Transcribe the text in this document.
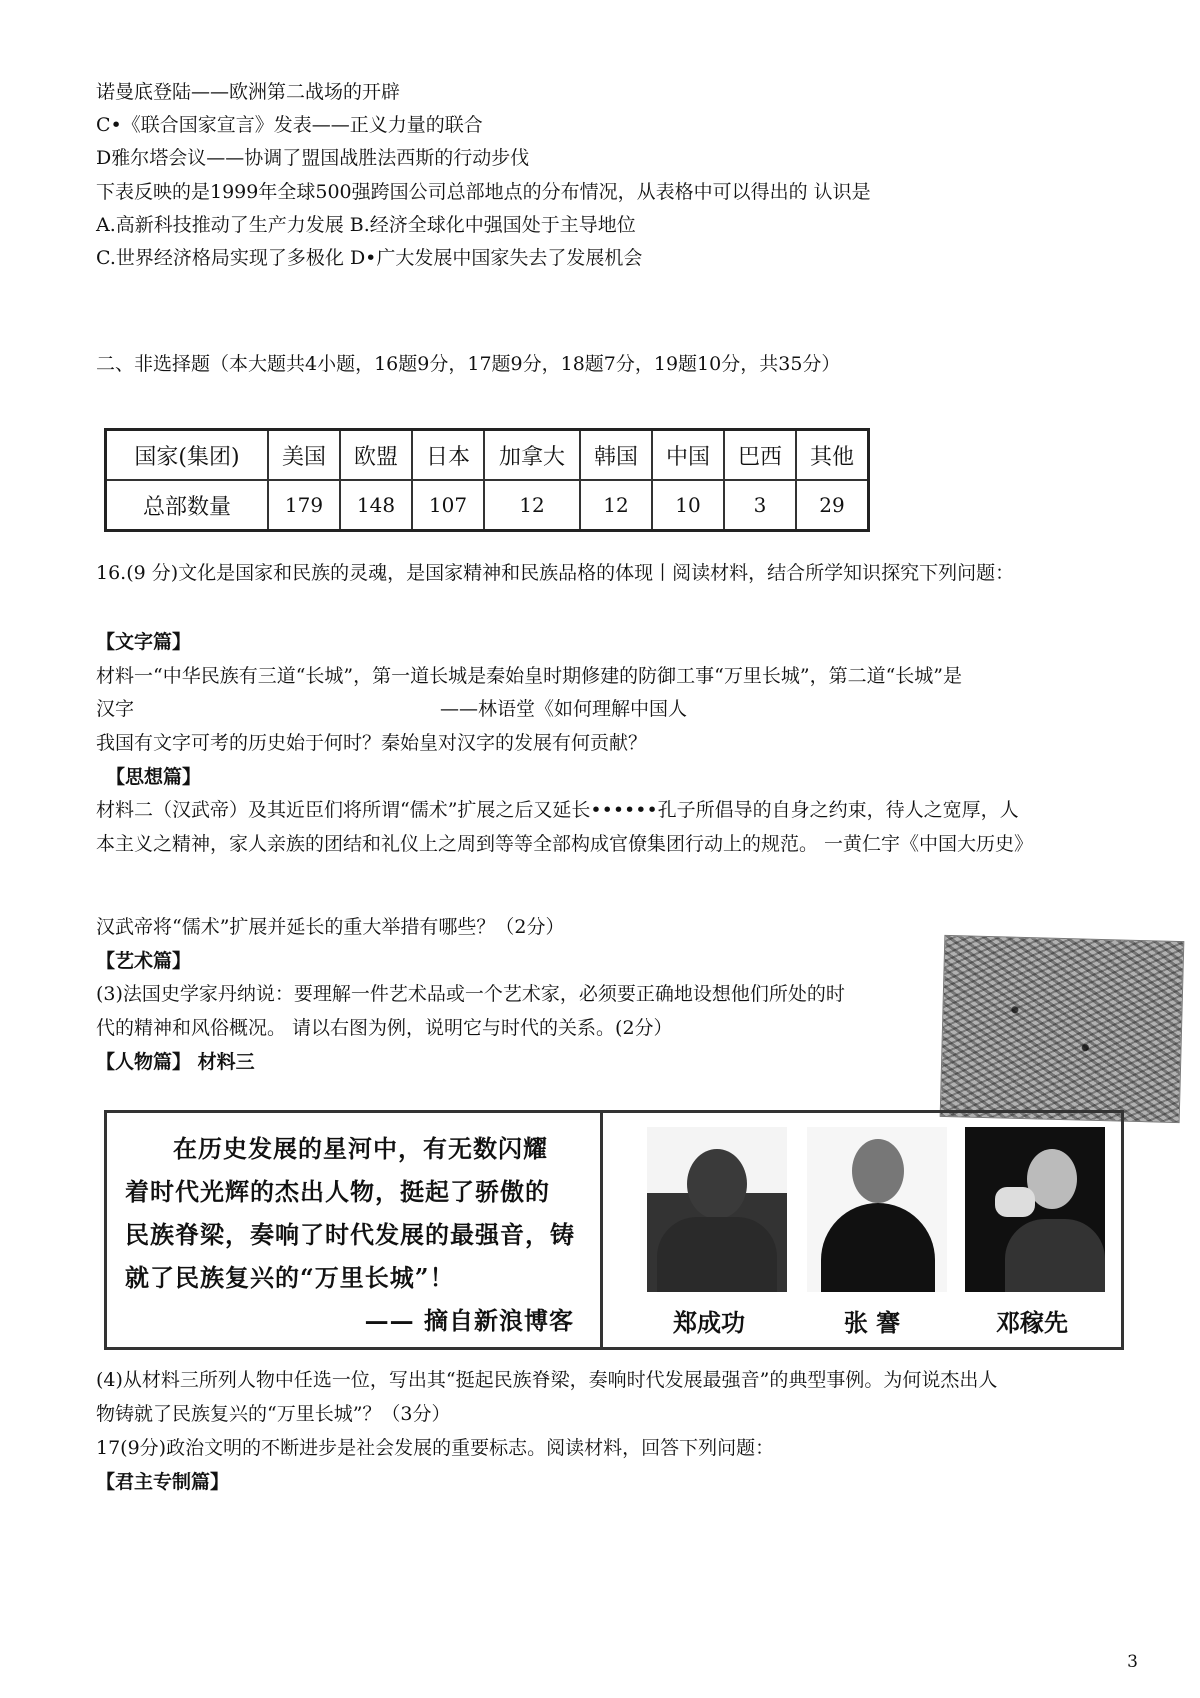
诺曼底登陆——欧洲第二战场的开辟
C•《联合国家宣言》发表——正义力量的联合
D雅尔塔会议——协调了盟国战胜法西斯的行动步伐
下表反映的是1999年全球500强跨国公司总部地点的分布情况，从表格中可以得出的 认识是
A.高新科技推动了生产力发展 B.经济全球化中强国处于主导地位
C.世界经济格局实现了多极化 D•广大发展中国家失去了发展机会
二、非选择题（本大题共4小题，16题9分，17题9分，18题7分，19题10分，共35分）
国家(集团)	美国	欧盟	日本	加拿大	韩国	中国	巴西	其他
总部数量	179	148	107	12	12	10	3	29
16.(9 分)文化是国家和民族的灵魂，是国家精神和民族品格的体现丨阅读材料，结合所学知识探究下列问题：
【文字篇】
材料一“中华民族有三道“长城”，第一道长城是秦始皇时期修建的防御工事“万里长城”，第二道“长城”是
汉字	——林语堂《如何理解中国人
我国有文字可考的历史始于何时？秦始皇对汉字的发展有何贡献？
【思想篇】
材料二（汉武帝）及其近臣们将所谓“儒术”扩展之后又延长••••••孔子所倡导的自身之约束，待人之宽厚，人
本主义之精神，家人亲族的团结和礼仪上之周到等等全部构成官僚集团行动上的规范。 一黄仁宇《中国大历史》
汉武帝将“儒术”扩展并延长的重大举措有哪些？（2分）
【艺术篇】
(3)法国史学家丹纳说：要理解一件艺术品或一个艺术家，必须要正确地设想他们所处的时
代的精神和风俗概况。 请以右图为例，说明它与时代的关系。(2分）
【人物篇】 材料三
在历史发展的星河中，有无数闪耀
着时代光辉的杰出人物，挺起了骄傲的
民族脊梁，奏响了时代发展的最强音，铸
就了民族复兴的“万里长城”！
—— 摘自新浪博客	郑成功	张 謇	邓稼先
(4)从材料三所列人物中任选一位，写出其“挺起民族脊梁，奏响时代发展最强音”的典型事例。为何说杰出人
物铸就了民族复兴的“万里长城”？（3分）
17(9分)政治文明的不断进步是社会发展的重要标志。阅读材料，回答下列问题：
【君主专制篇】
3
